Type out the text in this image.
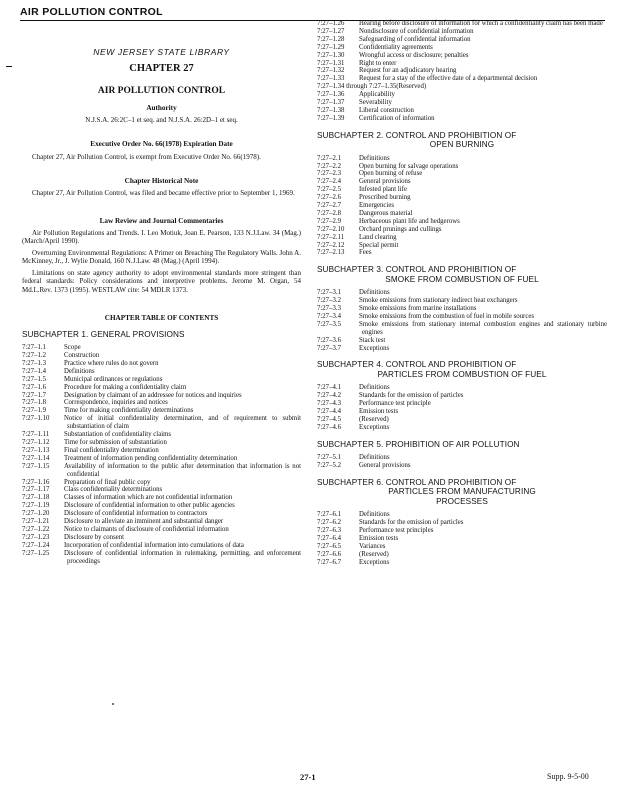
AIR POLLUTION CONTROL
NEW JERSEY STATE LIBRARY
CHAPTER 27
AIR POLLUTION CONTROL
Authority
N.J.S.A. 26:2C–1 et seq. and N.J.S.A. 26:2D–1 et seq.
Executive Order No. 66(1978) Expiration Date
Chapter 27, Air Pollution Control, is exempt from Executive Order No. 66(1978).
Chapter Historical Note
Chapter 27, Air Pollution Control, was filed and became effective prior to September 1, 1969.
Law Review and Journal Commentaries
Air Pollution Regulations and Trends. I. Leo Motiuk, Joan E. Pearson, 133 N.J.Law. 34 (Mag.) (March/April 1990).
Overturning Environmental Regulations: A Primer on Breaching The Regulatory Walls. John A. McKinney, Jr., J. Wylie Donald, 160 N.J.Law. 48 (Mag.) (April 1994).
Limitations on state agency authority to adopt environmental standards more stringent than federal standards: Policy considerations and interpretive problems. Jerome M. Organ, 54 Md.L.Rev. 1373 (1995). WESTLAW cite: 54 MDLR 1373.
CHAPTER TABLE OF CONTENTS
SUBCHAPTER 1. GENERAL PROVISIONS
7:27–1.1	Scope
7:27–1.2	Construction
7:27–1.3	Practice where rules do not govern
7:27–1.4	Definitions
7:27–1.5	Municipal ordinances or regulations
7:27–1.6	Procedure for making a confidentiality claim
7:27–1.7	Designation by claimant of an addressee for notices and inquiries
7:27–1.8	Correspondence, inquiries and notices
7:27–1.9	Time for making confidentiality determinations
7:27–1.10	Notice of initial confidentiality determination, and of requirement to submit substantiation of claim
7:27–1.11	Substantiation of confidentiality claims
7:27–1.12	Time for submission of substantiation
7:27–1.13	Final confidentiality determination
7:27–1.14	Treatment of information pending confidentiality determination
7:27–1.15	Availability of information to the public after determination that information is not confidential
7:27–1.16	Preparation of final public copy
7:27–1.17	Class confidentiality determinations
7:27–1.18	Classes of information which are not confidential information
7:27–1.19	Disclosure of confidential information to other public agencies
7:27–1.20	Disclosure of confidential information to contractors
7:27–1.21	Disclosure to alleviate an imminent and substantial danger
7:27–1.22	Notice to claimants of disclosure of confidential information
7:27–1.23	Disclosure by consent
7:27–1.24	Incorporation of confidential information into cumulations of data
7:27–1.25	Disclosure of confidential information in rulemaking, permitting, and enforcement proceedings
7:27–1.26	Hearing before disclosure of information for which a confidentiality claim has been made
7:27–1.27	Nondisclosure of confidential information
7:27–1.28	Safeguarding of confidential information
7:27–1.29	Confidentiality agreements
7:27–1.30	Wrongful access or disclosure; penalties
7:27–1.31	Right to enter
7:27–1.32	Request for an adjudicatory hearing
7:27–1.33	Request for a stay of the effective date of a departmental decision
7:27–1.34 through 7:27–1.35 (Reserved)
7:27–1.36	Applicability
7:27–1.37	Severability
7:27–1.38	Liberal construction
7:27–1.39	Certification of information
SUBCHAPTER 2. CONTROL AND PROHIBITION OF
OPEN BURNING
7:27–2.1	Definitions
7:27–2.2	Open burning for salvage operations
7:27–2.3	Open burning of refuse
7:27–2.4	General provisions
7:27–2.5	Infested plant life
7:27–2.6	Prescribed burning
7:27–2.7	Emergencies
7:27–2.8	Dangerous material
7:27–2.9	Herbaceous plant life and hedgerows
7:27–2.10	Orchard prunings and cullings
7:27–2.11	Land clearing
7:27–2.12	Special permit
7:27–2.13	Fees
SUBCHAPTER 3. CONTROL AND PROHIBITION OF
SMOKE FROM COMBUSTION OF FUEL
7:27–3.1	Definitions
7:27–3.2	Smoke emissions from stationary indirect heat exchangers
7:27–3.3	Smoke emissions from marine installations
7:27–3.4	Smoke emissions from the combustion of fuel in mobile sources
7:27–3.5	Smoke emissions from stationary internal combustion engines and stationary turbine engines
7:27–3.6	Stack test
7:27–3.7	Exceptions
SUBCHAPTER 4. CONTROL AND PROHIBITION OF
PARTICLES FROM COMBUSTION OF FUEL
7:27–4.1	Definitions
7:27–4.2	Standards for the emission of particles
7:27–4.3	Performance test principle
7:27–4.4	Emission tests
7:27–4.5	(Reserved)
7:27–4.6	Exceptions
SUBCHAPTER 5. PROHIBITION OF AIR POLLUTION
7:27–5.1	Definitions
7:27–5.2	General provisions
SUBCHAPTER 6. CONTROL AND PROHIBITION OF
PARTICLES FROM MANUFACTURING
PROCESSES
7:27–6.1	Definitions
7:27–6.2	Standards for the emission of particles
7:27–6.3	Performance test principles
7:27–6.4	Emission tests
7:27–6.5	Variances
7:27–6.6	(Reserved)
7:27–6.7	Exceptions
27-1	Supp. 9-5-00
